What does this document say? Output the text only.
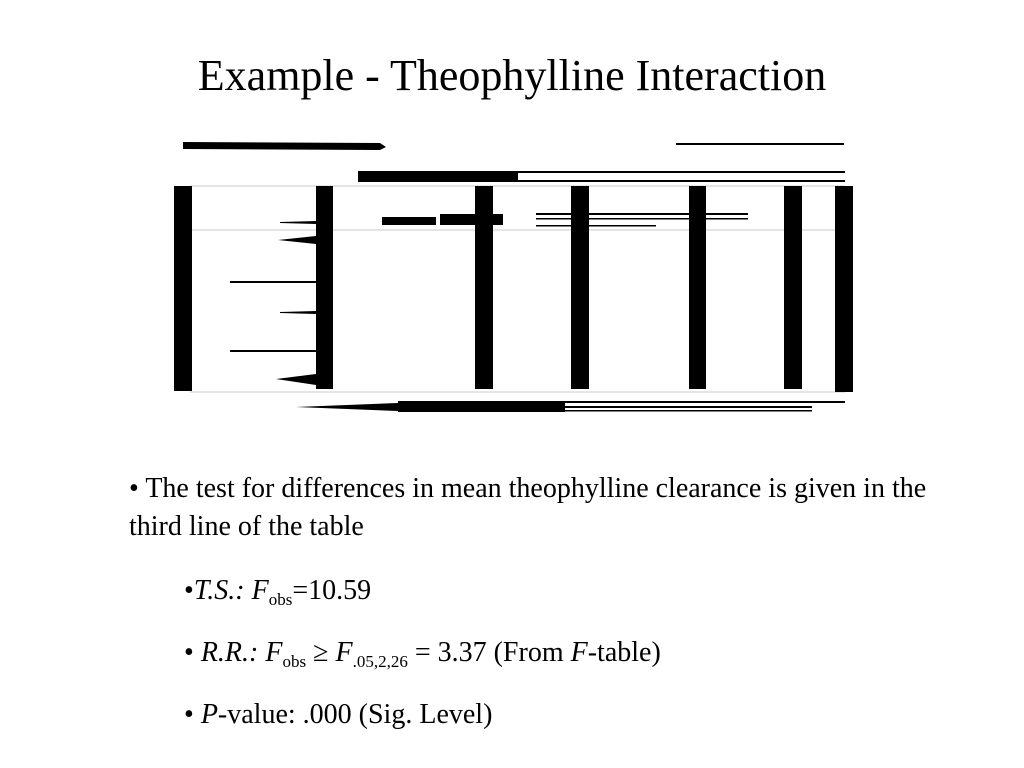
Example - Theophylline Interaction

• The test for differences in mean theophylline clearance is given in the third line of the table

•T.S.: $F_{obs}=10.59$

• R.R.: $F_{obs} \ge F_{.05,2,26} = 3.37$ (From F-table)

• P-value: .000 (Sig. Level)
